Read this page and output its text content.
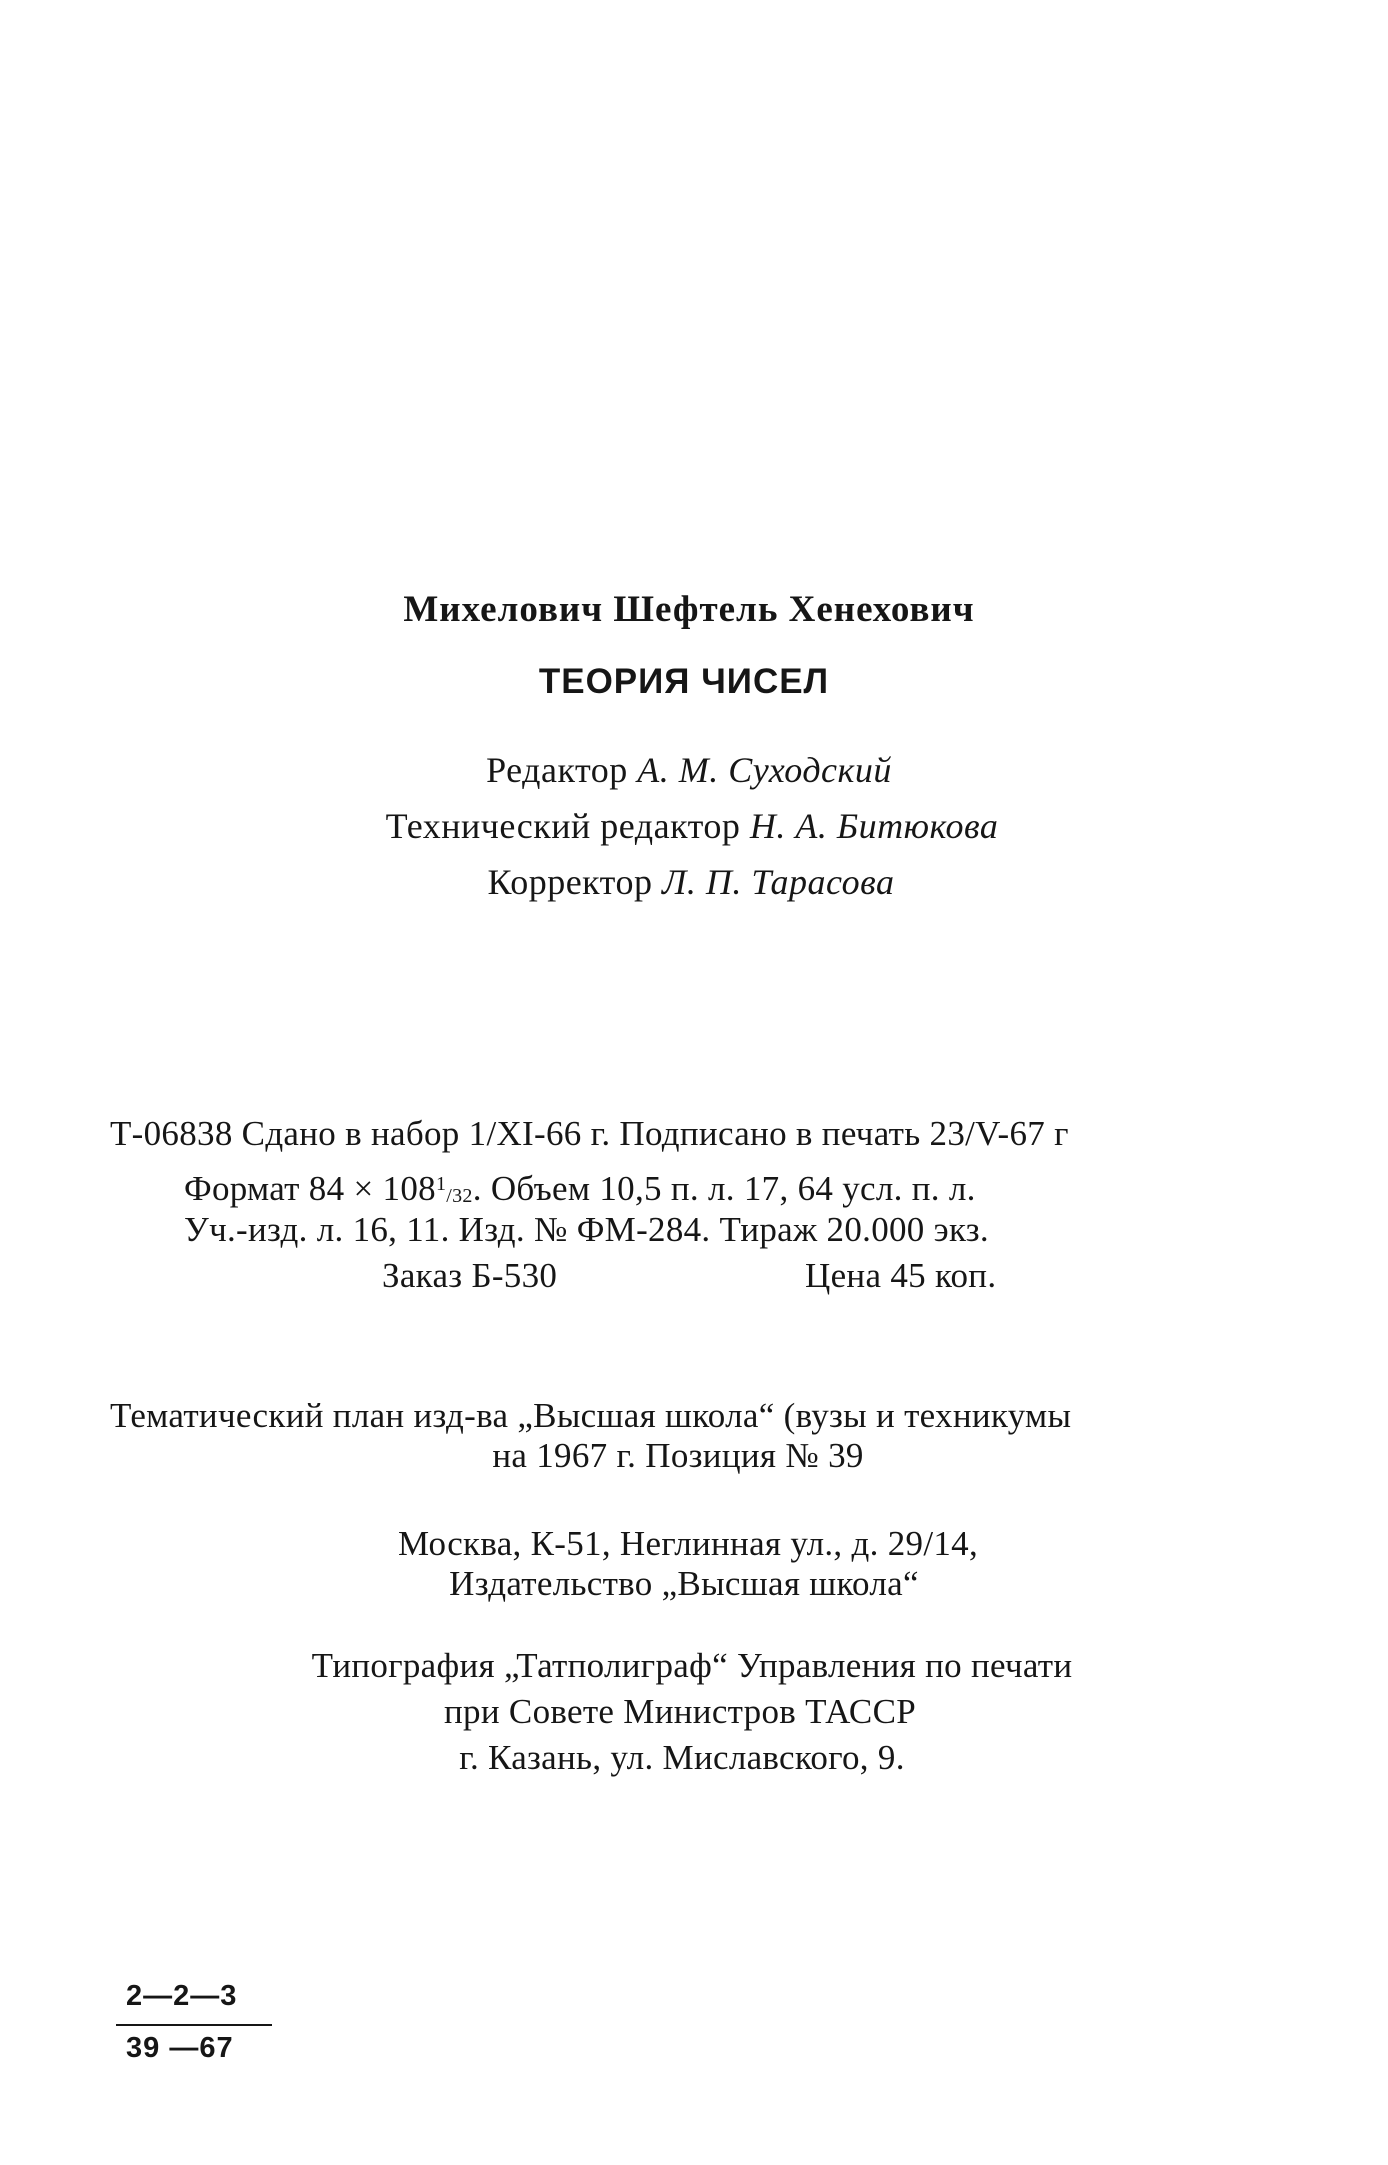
Михелович Шефтель Хенехович
ТЕОРИЯ ЧИСЕЛ
Редактор А. М. Суходский
Технический редактор Н. А. Битюкова
Корректор Л. П. Тарасова
Т-06838 Сдано в набор 1/XI-66 г. Подписано в печать 23/V-67 г
Формат $84 \times 108^1/32$. Объем 10,5 п. л. 17, 64 усл. п. л.
Уч.-изд. л. 16, 11. Изд. № ФМ-284. Тираж 20.000 экз.
Заказ Б-530	Цена 45 коп.
Тематический план изд-ва „Высшая школа“ (вузы и техникумы
на 1967 г. Позиция № 39
Москва, К-51, Неглинная ул., д. 29/14,
Издательство „Высшая школа“
Типография „Татполиграф“ Управления по печати
при Совете Министров ТАССР
г. Казань, ул. Миславского, 9.
2—2—3
39 —67
